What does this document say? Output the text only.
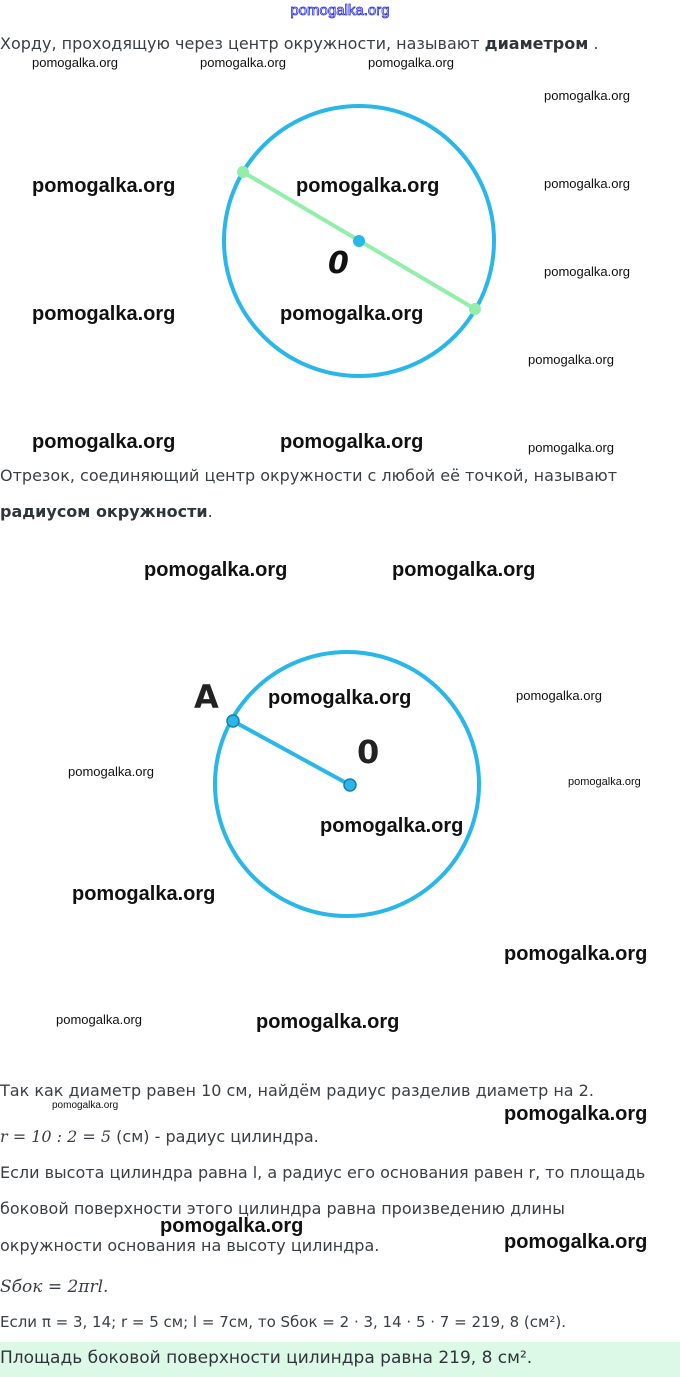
pomogalka.org
Хорду, проходящую через центр окружности, называют диаметром .
0
Отрезок, соединяющий центр окружности с любой её точкой, называют
радиусом окружности.
A
0
Так как диаметр равен 10 см, найдём радиус разделив диаметр на 2.
r = 10 : 2 = 5 (см) - радиус цилиндра.
Если высота цилиндра равна l, а радиус его основания равен r, то площадь
боковой поверхности этого цилиндра равна произведению длины
окружности основания на высоту цилиндра.
Sбок = 2πrl.
Если π = 3, 14; r = 5 см; l = 7см, то Sбок = 2 · 3, 14 · 5 · 7 = 219, 8 (см²).
Площадь боковой поверхности цилиндра равна 219, 8 см².
pomogalka.org	pomogalka.org	pomogalka.org
pomogalka.org
pomogalka.org	pomogalka.org	pomogalka.org
pomogalka.org
pomogalka.org	pomogalka.org
pomogalka.org
pomogalka.org	pomogalka.org	pomogalka.org
pomogalka.org	pomogalka.org
pomogalka.org	pomogalka.org
pomogalka.org
pomogalka.org
pomogalka.org
pomogalka.org
pomogalka.org
pomogalka.org	pomogalka.org
pomogalka.org	pomogalka.org
pomogalka.org
pomogalka.org
